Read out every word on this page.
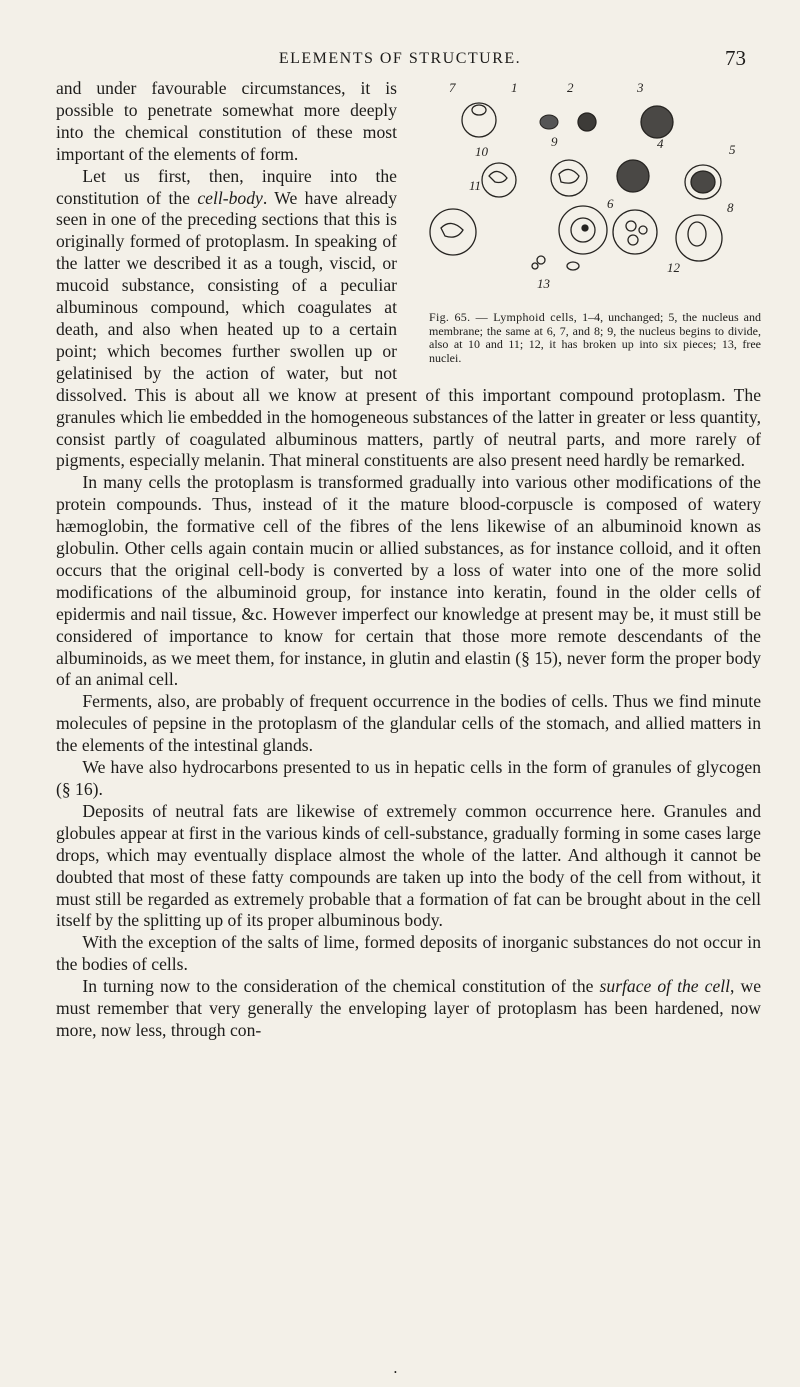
ELEMENTS OF STRUCTURE.	73
7	1	2	3
10
9	4	5
11
6	8
12
13
Fig. 65. — Lymphoid cells, 1–4, unchanged; 5, the nucleus and membrane; the same at 6, 7, and 8; 9, the nucleus begins to divide, also at 10 and 11; 12, it has broken up into six pieces; 13, free nuclei.

and under favourable circumstances, it is possible to penetrate somewhat more deeply into the chemical constitution of these most important of the elements of form.

Let us first, then, inquire into the constitution of the cell-body. We have already seen in one of the preceding sections that this is originally formed of protoplasm. In speaking of the latter we described it as a tough, viscid, or mucoid substance, consisting of a peculiar albuminous compound, which coagulates at death, and also when heated up to a certain point; which becomes further swollen up or gelatinised by the action of water, but not dissolved. This is about all we know at present of this important compound protoplasm. The granules which lie embedded in the homogeneous substances of the latter in greater or less quantity, consist partly of coagulated albuminous matters, partly of neutral parts, and more rarely of pigments, especially melanin. That mineral constituents are also present need hardly be remarked.

In many cells the protoplasm is transformed gradually into various other modifications of the protein compounds. Thus, instead of it the mature blood-corpuscle is composed of watery hæmoglobin, the formative cell of the fibres of the lens likewise of an albuminoid known as globulin. Other cells again contain mucin or allied substances, as for instance colloid, and it often occurs that the original cell-body is converted by a loss of water into one of the more solid modifications of the albuminoid group, for instance into keratin, found in the older cells of epidermis and nail tissue, &c. However imperfect our knowledge at present may be, it must still be considered of importance to know for certain that those more remote descendants of the albuminoids, as we meet them, for instance, in glutin and elastin (§ 15), never form the proper body of an animal cell.

Ferments, also, are probably of frequent occurrence in the bodies of cells. Thus we find minute molecules of pepsine in the protoplasm of the glandular cells of the stomach, and allied matters in the elements of the intestinal glands.

We have also hydrocarbons presented to us in hepatic cells in the form of granules of glycogen (§ 16).

Deposits of neutral fats are likewise of extremely common occurrence here. Granules and globules appear at first in the various kinds of cell-substance, gradually forming in some cases large drops, which may eventually displace almost the whole of the latter. And although it cannot be doubted that most of these fatty compounds are taken up into the body of the cell from without, it must still be regarded as extremely probable that a formation of fat can be brought about in the cell itself by the splitting up of its proper albuminous body.

With the exception of the salts of lime, formed deposits of inorganic substances do not occur in the bodies of cells.

In turning now to the consideration of the chemical constitution of the surface of the cell, we must remember that very generally the enveloping layer of protoplasm has been hardened, now more, now less, through con-

•
